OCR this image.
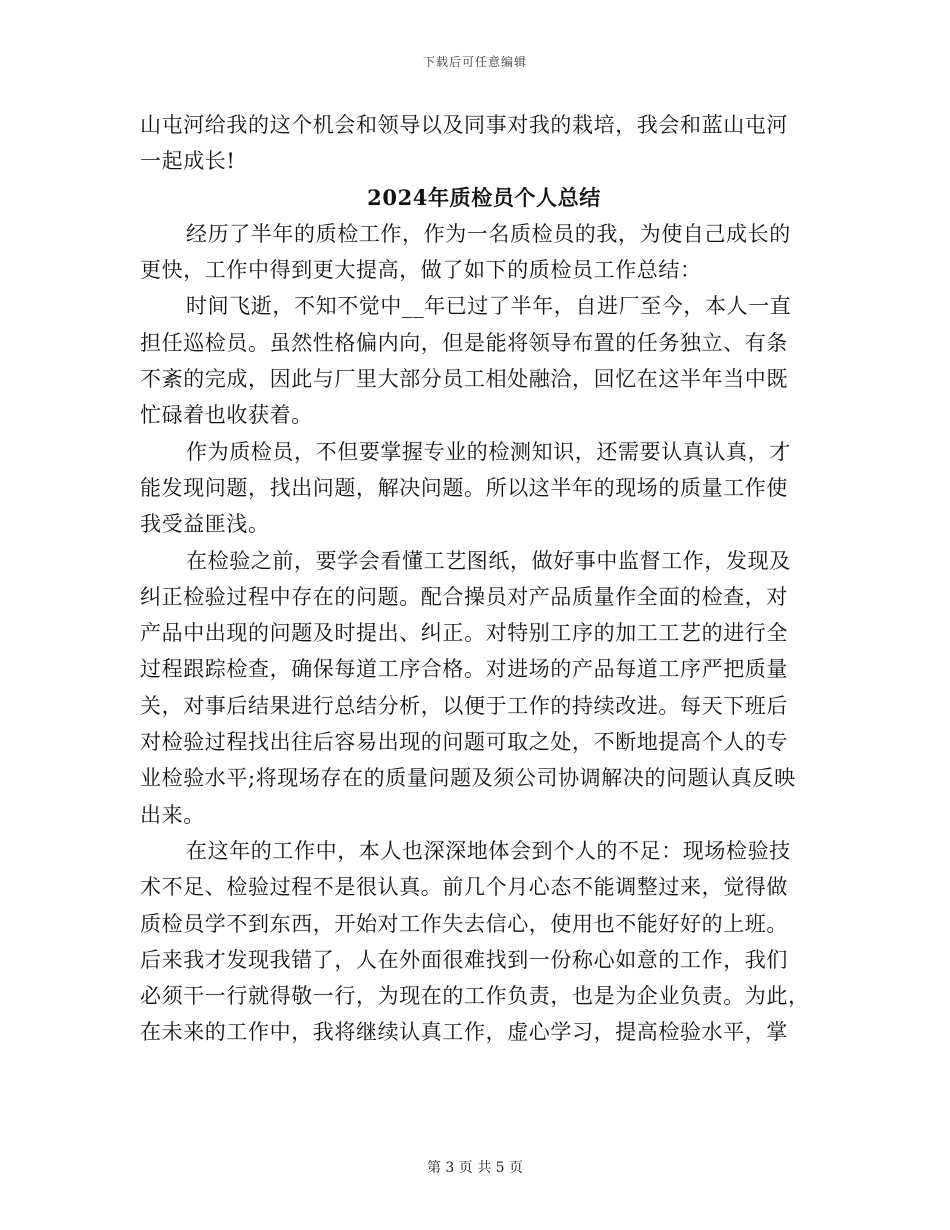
下载后可任意编辑
山屯河给我的这个机会和领导以及同事对我的栽培，我会和蓝山屯河
一起成长!
2024年质检员个人总结
经历了半年的质检工作，作为一名质检员的我，为使自己成长的
更快，工作中得到更大提高，做了如下的质检员工作总结：
时间飞逝，不知不觉中__年已过了半年，自进厂至今，本人一直
担任巡检员。虽然性格偏内向，但是能将领导布置的任务独立、有条
不紊的完成，因此与厂里大部分员工相处融洽，回忆在这半年当中既
忙碌着也收获着。
作为质检员，不但要掌握专业的检测知识，还需要认真认真，才
能发现问题，找出问题，解决问题。所以这半年的现场的质量工作使
我受益匪浅。
在检验之前，要学会看懂工艺图纸，做好事中监督工作，发现及
纠正检验过程中存在的问题。配合操员对产品质量作全面的检查，对
产品中出现的问题及时提出、纠正。对特别工序的加工工艺的进行全
过程跟踪检查，确保每道工序合格。对进场的产品每道工序严把质量
关，对事后结果进行总结分析，以便于工作的持续改进。每天下班后
对检验过程找出往后容易出现的问题可取之处，不断地提高个人的专
业检验水平;将现场存在的质量问题及须公司协调解决的问题认真反映
出来。
在这年的工作中，本人也深深地体会到个人的不足：现场检验技
术不足、检验过程不是很认真。前几个月心态不能调整过来，觉得做
质检员学不到东西，开始对工作失去信心，使用也不能好好的上班。
后来我才发现我错了，人在外面很难找到一份称心如意的工作，我们
必须干一行就得敬一行，为现在的工作负责，也是为企业负责。为此，
在未来的工作中，我将继续认真工作，虚心学习，提高检验水平，掌
第 3 页 共 5 页
